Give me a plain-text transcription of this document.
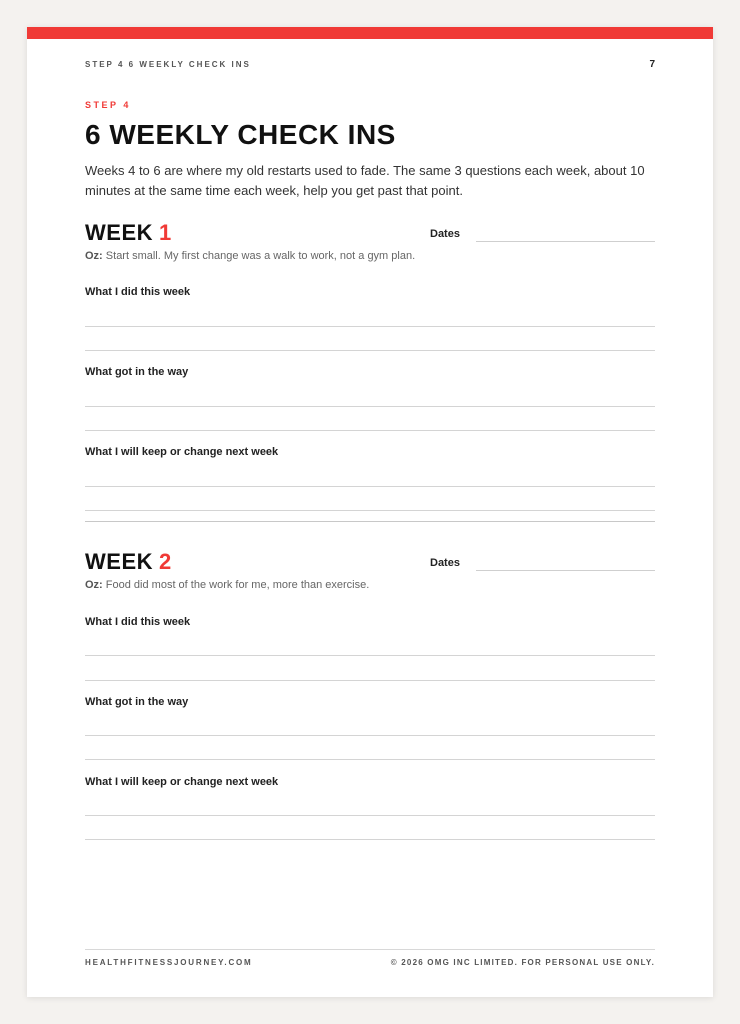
STEP 4 6 WEEKLY CHECK INS	7
STEP 4
6 WEEKLY CHECK INS

Weeks 4 to 6 are where my old restarts used to fade. The same 3 questions each week, about 10 minutes at the same time each week, help you get past that point.

WEEK 1	Dates
Oz: Start small. My first change was a walk to work, not a gym plan.
What I did this week
What got in the way
What I will keep or change next week
WEEK 2	Dates
Oz: Food did most of the work for me, more than exercise.
What I did this week
What got in the way
What I will keep or change next week
HEALTHFITNESSJOURNEY.COM	© 2026 OMG INC LIMITED. FOR PERSONAL USE ONLY.
